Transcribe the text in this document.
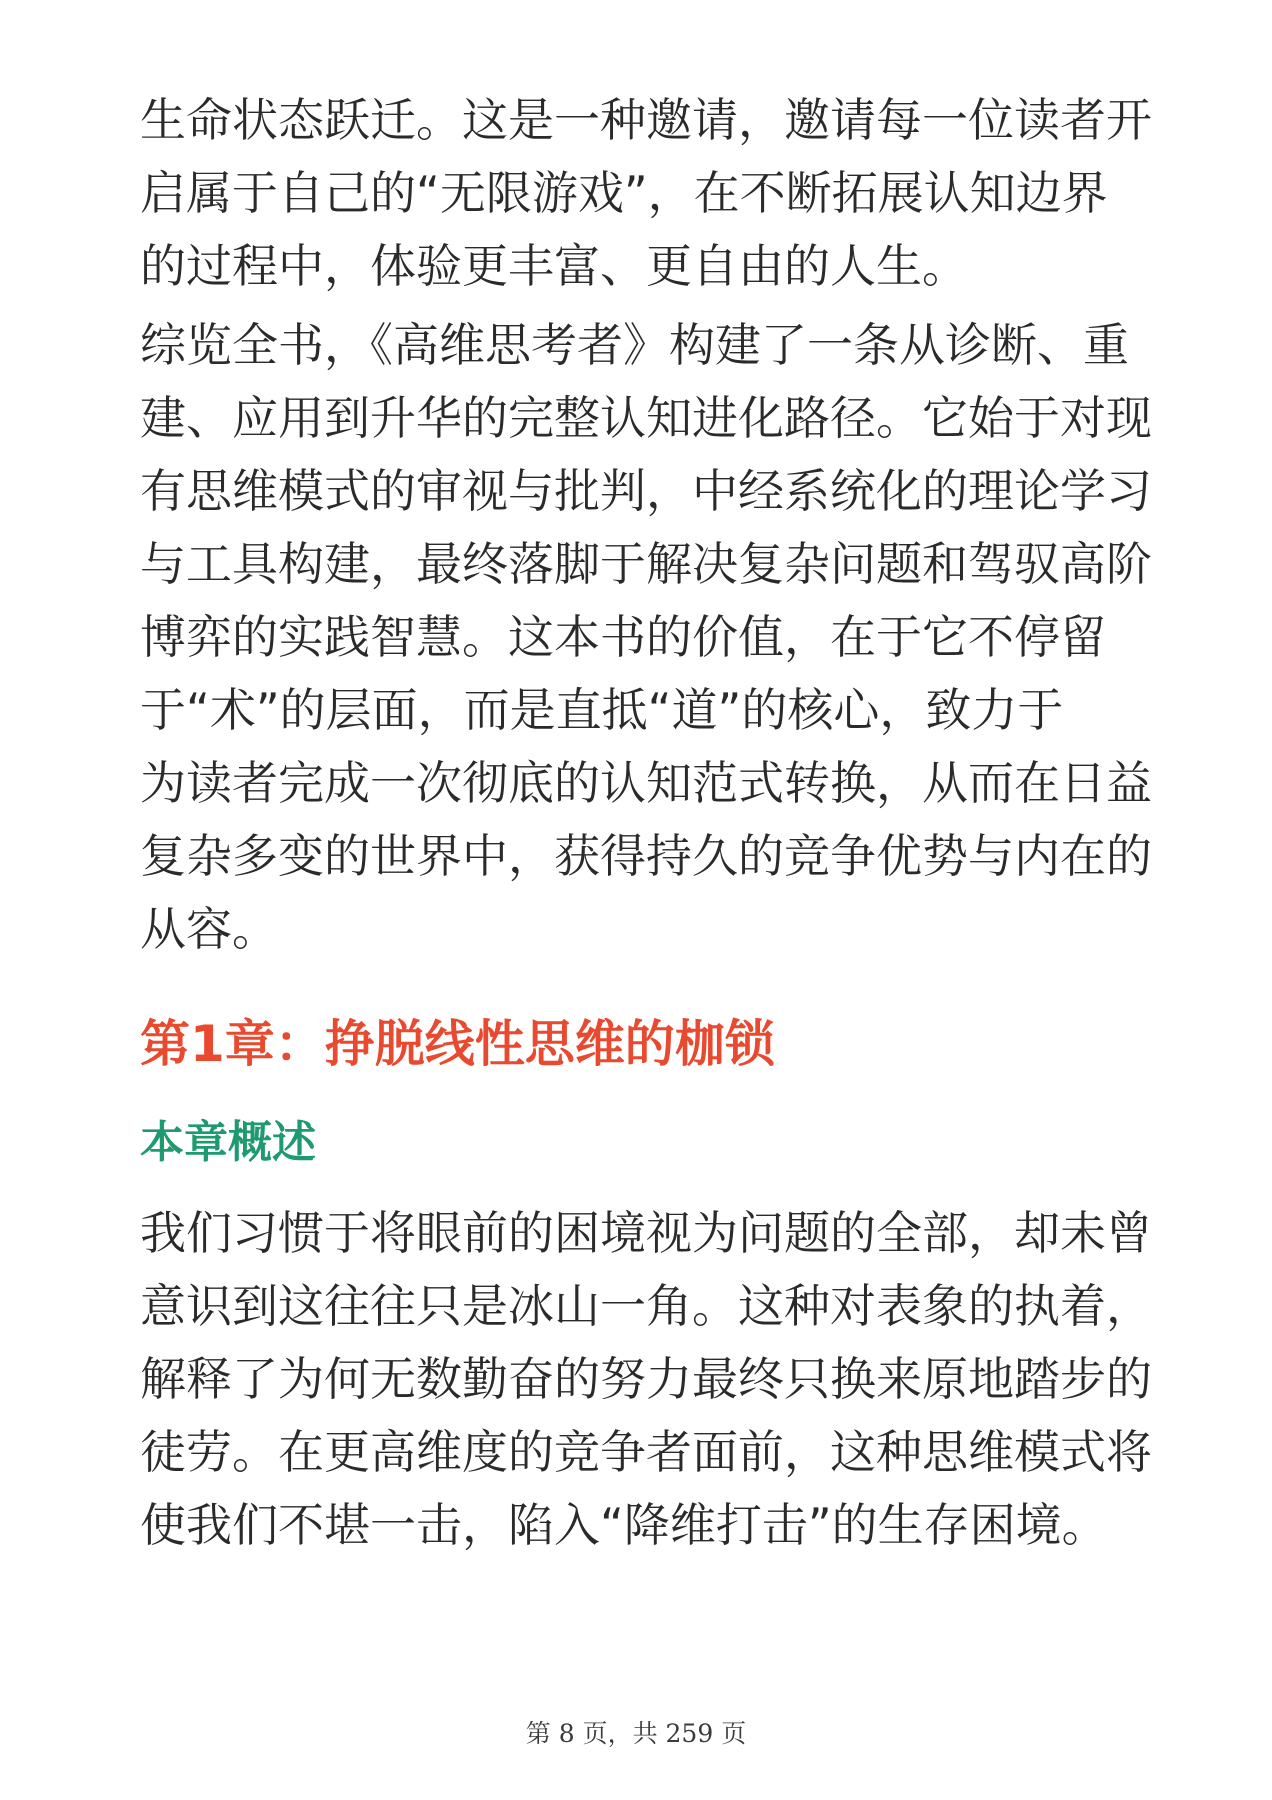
生命状态跃迁。这是一种邀请，邀请每一位读者开
启属于自己的“无限游戏”，在不断拓展认知边界
的过程中，体验更丰富、更自由的人生。
综览全书，《高维思考者》构建了一条从诊断、重
建、应用到升华的完整认知进化路径。它始于对现
有思维模式的审视与批判，中经系统化的理论学习
与工具构建，最终落脚于解决复杂问题和驾驭高阶
博弈的实践智慧。这本书的价值，在于它不停留
于“术”的层面，而是直抵“道”的核心，致力于
为读者完成一次彻底的认知范式转换，从而在日益
复杂多变的世界中，获得持久的竞争优势与内在的
从容。
第1章：挣脱线性思维的枷锁
本章概述
我们习惯于将眼前的困境视为问题的全部，却未曾
意识到这往往只是冰山一角。这种对表象的执着，
解释了为何无数勤奋的努力最终只换来原地踏步的
徒劳。在更高维度的竞争者面前，这种思维模式将
使我们不堪一击，陷入“降维打击”的生存困境。
第 8 页，共 259 页
